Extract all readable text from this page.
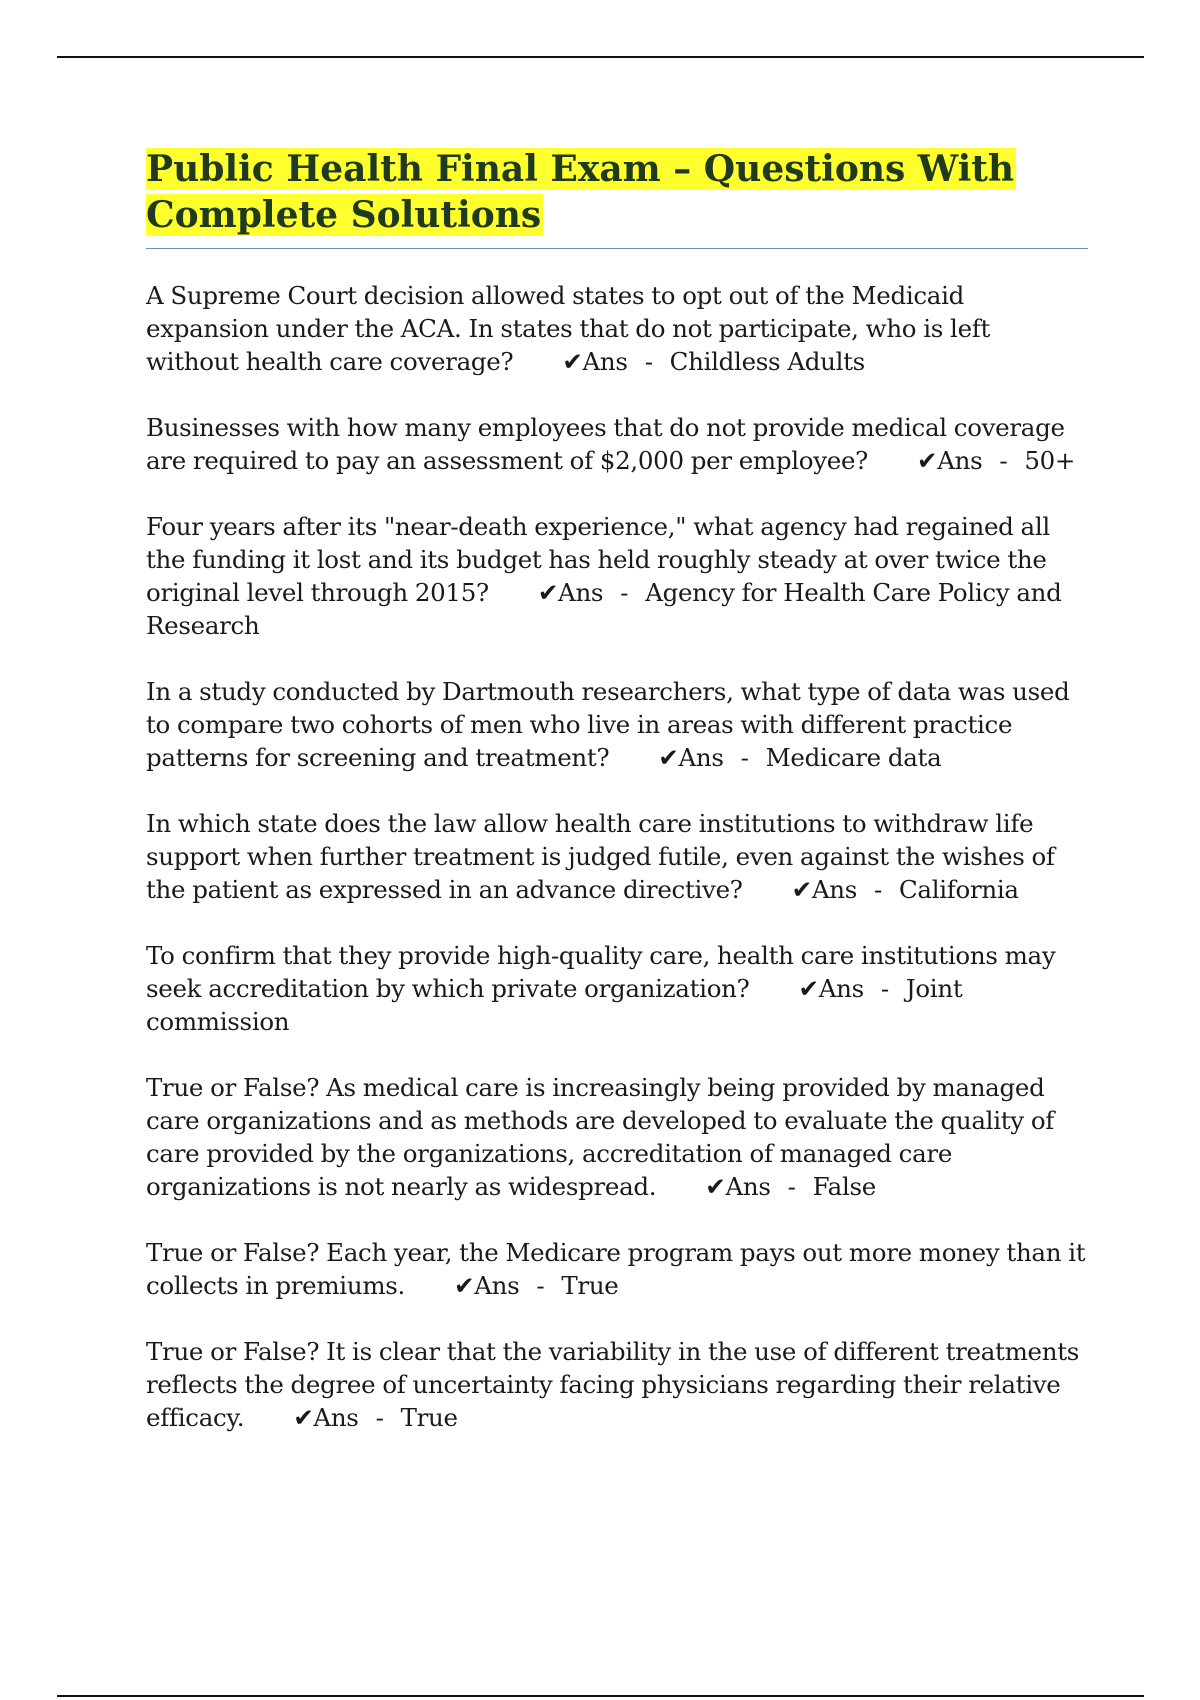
Public Health Final Exam – Questions With
Complete Solutions

A Supreme Court decision allowed states to opt out of the Medicaid expansion under the ACA. In states that do not participate, who is left without health care coverage? ✔Ans - Childless Adults

Businesses with how many employees that do not provide medical coverage are required to pay an assessment of $2,000 per employee? ✔Ans - 50+

Four years after its "near-death experience," what agency had regained all the funding it lost and its budget has held roughly steady at over twice the original level through 2015? ✔Ans - Agency for Health Care Policy and Research

In a study conducted by Dartmouth researchers, what type of data was used to compare two cohorts of men who live in areas with different practice patterns for screening and treatment? ✔Ans - Medicare data

In which state does the law allow health care institutions to withdraw life support when further treatment is judged futile, even against the wishes of the patient as expressed in an advance directive? ✔Ans - California

To confirm that they provide high-quality care, health care institutions may seek accreditation by which private organization? ✔Ans - Joint commission

True or False? As medical care is increasingly being provided by managed care organizations and as methods are developed to evaluate the quality of care provided by the organizations, accreditation of managed care organizations is not nearly as widespread. ✔Ans - False

True or False? Each year, the Medicare program pays out more money than it collects in premiums. ✔Ans - True

True or False? It is clear that the variability in the use of different treatments reflects the degree of uncertainty facing physicians regarding their relative efficacy. ✔Ans - True
